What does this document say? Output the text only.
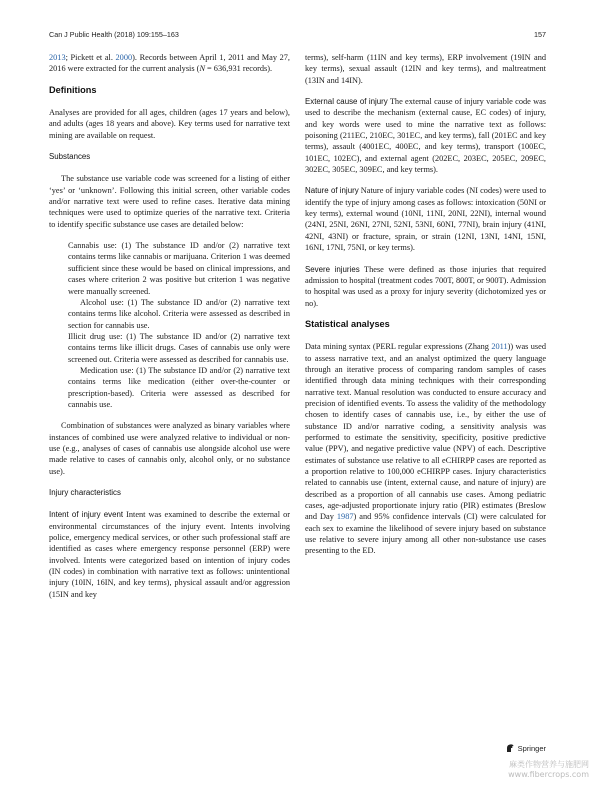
Can J Public Health (2018) 109:155–163	157

2013; Pickett et al. 2000). Records between April 1, 2011 and May 27, 2016 were extracted for the current analysis (N = 636,931 records).

Definitions

Analyses are provided for all ages, children (ages 17 years and below), and adults (ages 18 years and above). Key terms used for narrative text mining are available on request.

Substances

The substance use variable code was screened for a listing of either ‘yes’ or ‘unknown’. Following this initial screen, other variable codes and/or narrative text were used to refine cases. Iterative data mining techniques were used to optimize queries of the narrative text. Criteria to identify specific substance use cases are detailed below:

Cannabis use: (1) The substance ID and/or (2) narrative text contains terms like cannabis or marijuana. Criterion 1 was deemed sufficient since these would be based on clinical impressions, and cases where criterion 2 was positive but criterion 1 was negative were manually screened.

Alcohol use: (1) The substance ID and/or (2) narrative text contains terms like alcohol. Criteria were assessed as described in section for cannabis use.

Illicit drug use: (1) The substance ID and/or (2) narrative text contains terms like illicit drugs. Cases of cannabis use only were screened out. Criteria were assessed as described for cannabis use.

Medication use: (1) The substance ID and/or (2) narrative text contains terms like medication (either over-the-counter or prescription-based). Criteria were assessed as described for cannabis use.

Combination of substances were analyzed as binary variables where instances of combined use were analyzed relative to individual or non-use (e.g., analyses of cases of cannabis use alongside alcohol use were made relative to cases of cannabis only, alcohol only, or no substance use).

Injury characteristics

Intent of injury event Intent was examined to describe the external or environmental circumstances of the injury event. Intents involving police, emergency medical services, or other such professional staff are identified as cases where emergency response personnel (ERP) were involved. Intents were categorized based on intention of injury codes (IN codes) in combination with narrative text as follows: unintentional injury (10IN, 16IN, and key terms), physical assault and/or aggression (15IN and key

terms), self-harm (11IN and key terms), ERP involvement (19IN and key terms), sexual assault (12IN and key terms), and maltreatment (13IN and 14IN).

External cause of injury The external cause of injury variable code was used to describe the mechanism (external cause, EC codes) of injury, and key words were used to mine the narrative text as follows: poisoning (211EC, 210EC, 301EC, and key terms), fall (201EC and key terms), assault (4001EC, 400EC, and key terms), transport (100EC, 101EC, 102EC), and external agent (202EC, 203EC, 205EC, 209EC, 302EC, 305EC, 309EC, and key terms).

Nature of injury Nature of injury variable codes (NI codes) were used to identify the type of injury among cases as follows: intoxication (50NI or key terms), external wound (10NI, 11NI, 20NI, 22NI), internal wound (24NI, 25NI, 26NI, 27NI, 52NI, 53NI, 60NI, 77NI), brain injury (41NI, 42NI, 43NI) or fracture, sprain, or strain (12NI, 13NI, 14NI, 15NI, 16NI, 17NI, 75NI, or key terms).

Severe injuries These were defined as those injuries that required admission to hospital (treatment codes 700T, 800T, or 900T). Admission to hospital was used as a proxy for injury severity (dichotomized yes or no).

Statistical analyses

Data mining syntax (PERL regular expressions (Zhang 2011)) was used to assess narrative text, and an analyst optimized the query language through an iterative process of comparing random samples of cases identified through data mining techniques with their corresponding narrative text. Manual resolution was conducted to ensure accuracy and precision of identified events. To assess the validity of the methodology chosen to identify cases of cannabis use, i.e., by either the use of substance ID and/or narrative coding, a sensitivity analysis was performed to estimate the sensitivity, specificity, positive predictive value (PPV), and negative predictive value (NPV) of each. Descriptive estimates of substance use relative to all eCHIRPP cases are reported as a proportion relative to 100,000 eCHIRPP cases. Injury characteristics related to cannabis use (intent, external cause, and nature of injury) are described as a proportion of all cannabis use cases. Among pediatric cases, age-adjusted proportionate injury ratio (PIR) estimates (Breslow and Day 1987) and 95% confidence intervals (CI) were calculated for each sex to examine the likelihood of severe injury based on substance use relative to severe injury among all other non-substance use cases presenting to the ED.

Springer
麻类作物营养与施肥网
www.fibercrops.com
